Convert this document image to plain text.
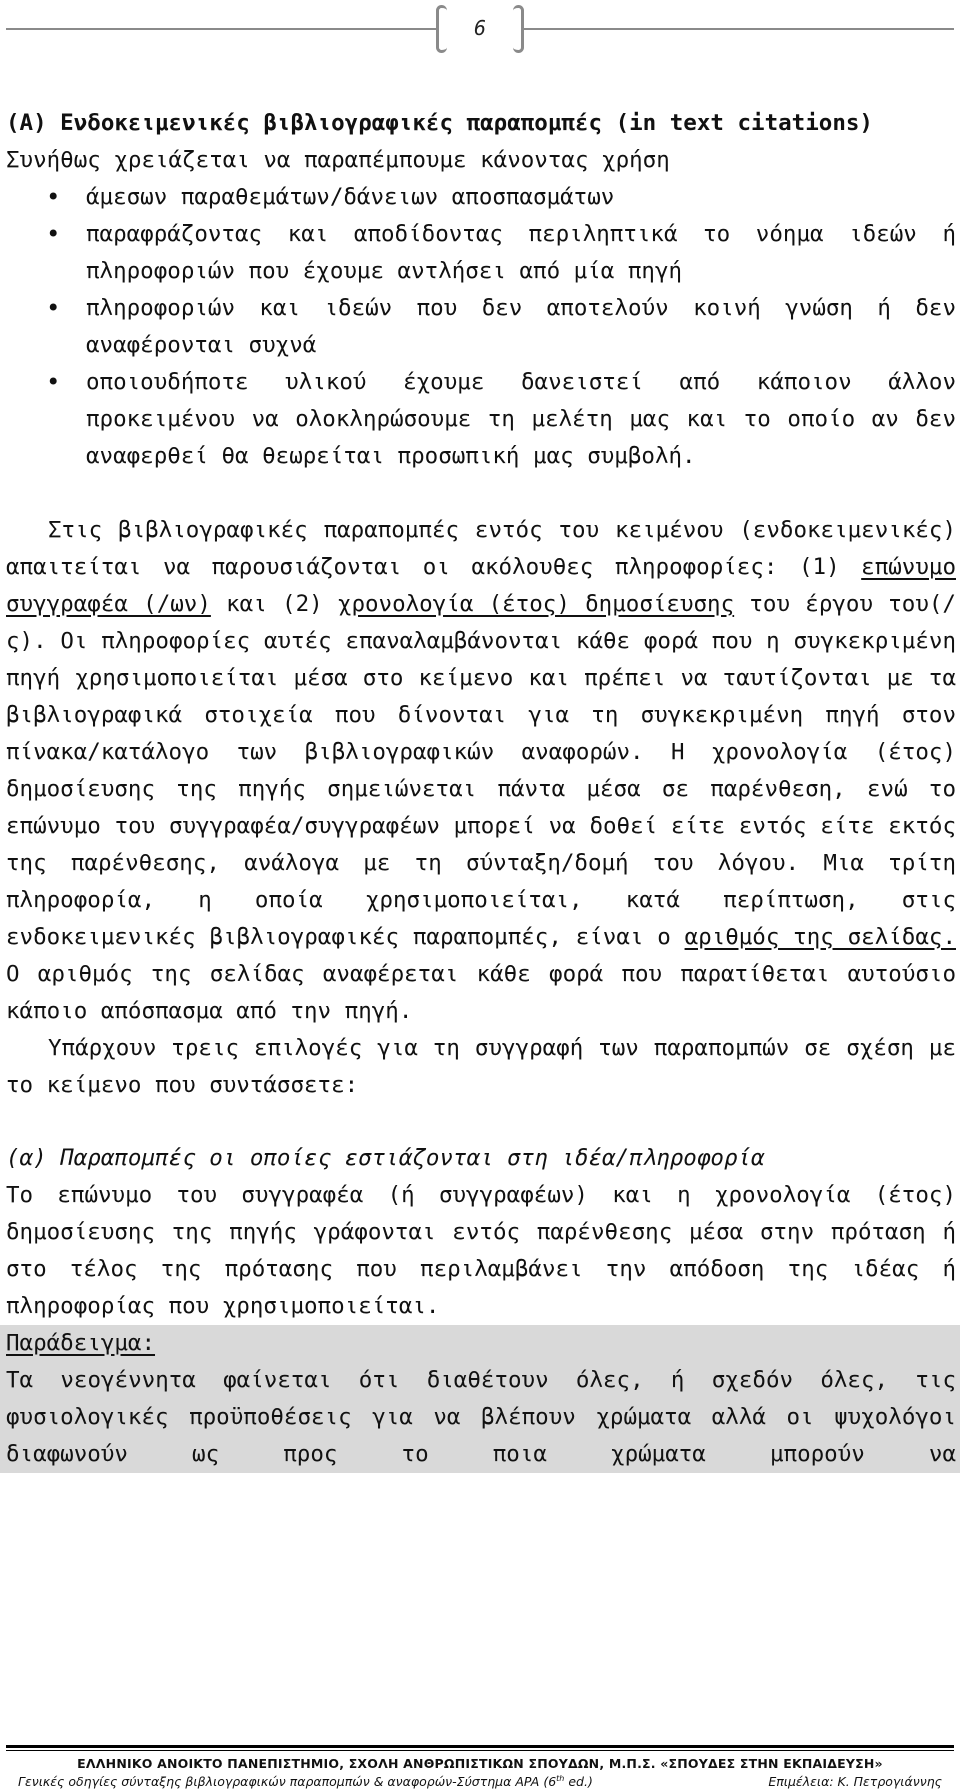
6

(A) Ενδοκειμενικές βιβλιογραφικές παραπομπές (in text citations)

Συνήθως χρειάζεται να παραπέμπουμε κάνοντας χρήση

• άμεσων παραθεμάτων/δάνειων αποσπασμάτων
• παραφράζοντας και αποδίδοντας περιληπτικά το νόημα ιδεών ή πληροφοριών που έχουμε αντλήσει από μία πηγή
• πληροφοριών και ιδεών που δεν αποτελούν κοινή γνώση ή δεν αναφέρονται συχνά
• οποιουδήποτε υλικού έχουμε δανειστεί από κάποιον άλλον προκειμένου να ολοκληρώσουμε τη μελέτη μας και το οποίο αν δεν αναφερθεί θα θεωρείται προσωπική μας συμβολή.

Στις βιβλιογραφικές παραπομπές εντός του κειμένου (ενδοκειμενικές) απαιτείται να παρουσιάζονται οι ακόλουθες πληροφορίες: (1) επώνυμο συγγραφέα (/ων) και (2) χρονολογία (έτος) δημοσίευσης του έργου του(/ς). Οι πληροφορίες αυτές επαναλαμβάνονται κάθε φορά που η συγκεκριμένη πηγή χρησιμοποιείται μέσα στο κείμενο και πρέπει να ταυτίζονται με τα βιβλιογραφικά στοιχεία που δίνονται για τη συγκεκριμένη πηγή στον πίνακα/κατάλογο των βιβλιογραφικών αναφορών. Η χρονολογία (έτος) δημοσίευσης της πηγής σημειώνεται πάντα μέσα σε παρένθεση, ενώ το επώνυμο του συγγραφέα/συγγραφέων μπορεί να δοθεί είτε εντός είτε εκτός της παρένθεσης, ανάλογα με τη σύνταξη/δομή του λόγου. Μια τρίτη πληροφορία, η οποία χρησιμοποιείται, κατά περίπτωση, στις ενδοκειμενικές βιβλιογραφικές παραπομπές, είναι ο αριθμός της σελίδας. Ο αριθμός της σελίδας αναφέρεται κάθε φορά που παρατίθεται αυτούσιο κάποιο απόσπασμα από την πηγή.

Υπάρχουν τρεις επιλογές για τη συγγραφή των παραπομπών σε σχέση με το κείμενο που συντάσσετε:

(α) Παραπομπές οι οποίες εστιάζονται στη ιδέα/πληροφορία

Το επώνυμο του συγγραφέα (ή συγγραφέων) και η χρονολογία (έτος) δημοσίευσης της πηγής γράφονται εντός παρένθεσης μέσα στην πρόταση ή στο τέλος της πρότασης που περιλαμβάνει την απόδοση της ιδέας ή πληροφορίας που χρησιμοποιείται.

Παράδειγμα:

Τα νεογέννητα φαίνεται ότι διαθέτουν όλες, ή σχεδόν όλες, τις φυσιολογικές προϋποθέσεις για να βλέπουν χρώματα αλλά οι ψυχολόγοι διαφωνούν ως προς το ποια χρώματα μπορούν να

ΕΛΛΗΝΙΚΟ ΑΝΟΙΚΤΟ ΠΑΝΕΠΙΣΤΗΜΙΟ, ΣΧΟΛΗ ΑΝΘΡΩΠΙΣΤΙΚΩΝ ΣΠΟΥΔΩΝ, Μ.Π.Σ. «ΣΠΟΥΔΕΣ ΣΤΗΝ ΕΚΠΑΙΔΕΥΣΗ»
Γενικές οδηγίες σύνταξης βιβλιογραφικών παραπομπών & αναφορών-Σύστημα APA (6th ed.)	Επιμέλεια: Κ. Πετρογιάννης
